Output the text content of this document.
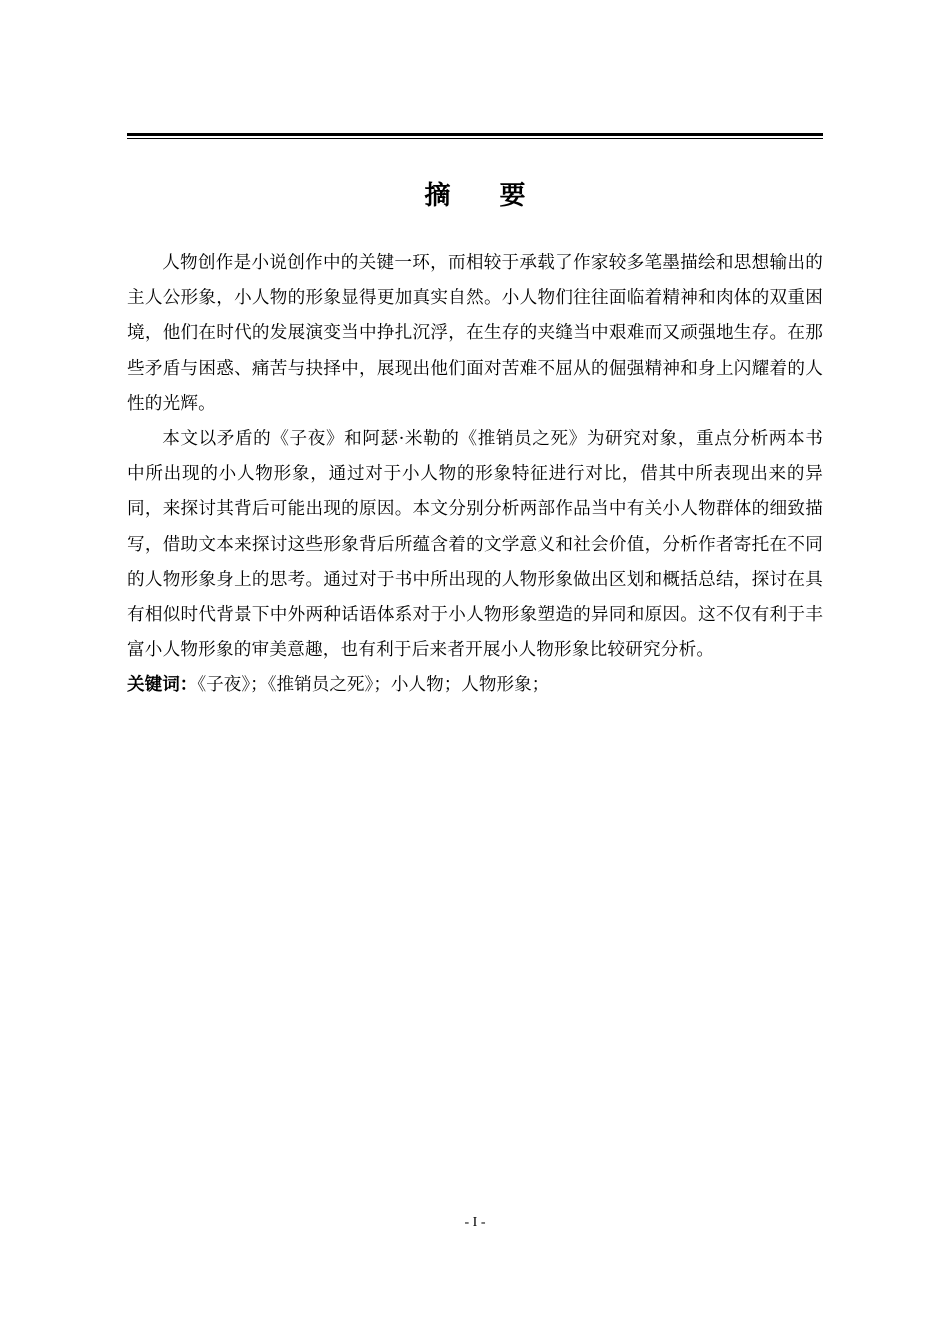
摘 要

人物创作是小说创作中的关键一环，而相较于承载了作家较多笔墨描绘和思想输出的主人公形象，小人物的形象显得更加真实自然。小人物们往往面临着精神和肉体的双重困境，他们在时代的发展演变当中挣扎沉浮，在生存的夹缝当中艰难而又顽强地生存。在那些矛盾与困惑、痛苦与抉择中，展现出他们面对苦难不屈从的倔强精神和身上闪耀着的人性的光辉。

本文以矛盾的《子夜》和阿瑟·米勒的《推销员之死》为研究对象，重点分析两本书中所出现的小人物形象，通过对于小人物的形象特征进行对比，借其中所表现出来的异同，来探讨其背后可能出现的原因。本文分别分析两部作品当中有关小人物群体的细致描写，借助文本来探讨这些形象背后所蕴含着的文学意义和社会价值，分析作者寄托在不同的人物形象身上的思考。通过对于书中所出现的人物形象做出区划和概括总结，探讨在具有相似时代背景下中外两种话语体系对于小人物形象塑造的异同和原因。这不仅有利于丰富小人物形象的审美意趣，也有利于后来者开展小人物形象比较研究分析。

关键词：《子夜》；《推销员之死》；小人物；人物形象；

- I -
